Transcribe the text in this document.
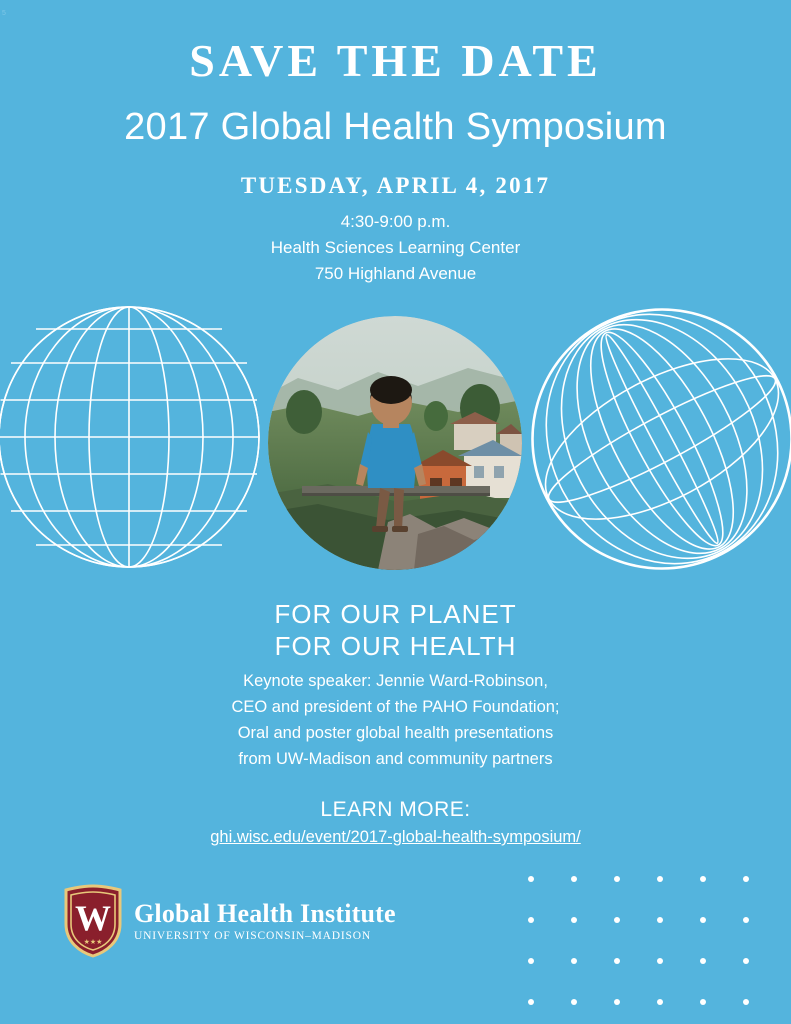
5
SAVE THE DATE
2017 Global Health Symposium
TUESDAY, APRIL 4, 2017
4:30-9:00 p.m.
Health Sciences Learning Center
750 Highland Avenue
FOR OUR PLANET
FOR OUR HEALTH
Keynote speaker: Jennie Ward-Robinson,
CEO and president of the PAHO Foundation;
Oral and poster global health presentations
from UW-Madison and community partners
LEARN MORE:
ghi.wisc.edu/event/2017-global-health-symposium/
W
★★★
Global Health Institute
UNIVERSITY OF WISCONSIN–MADISON
